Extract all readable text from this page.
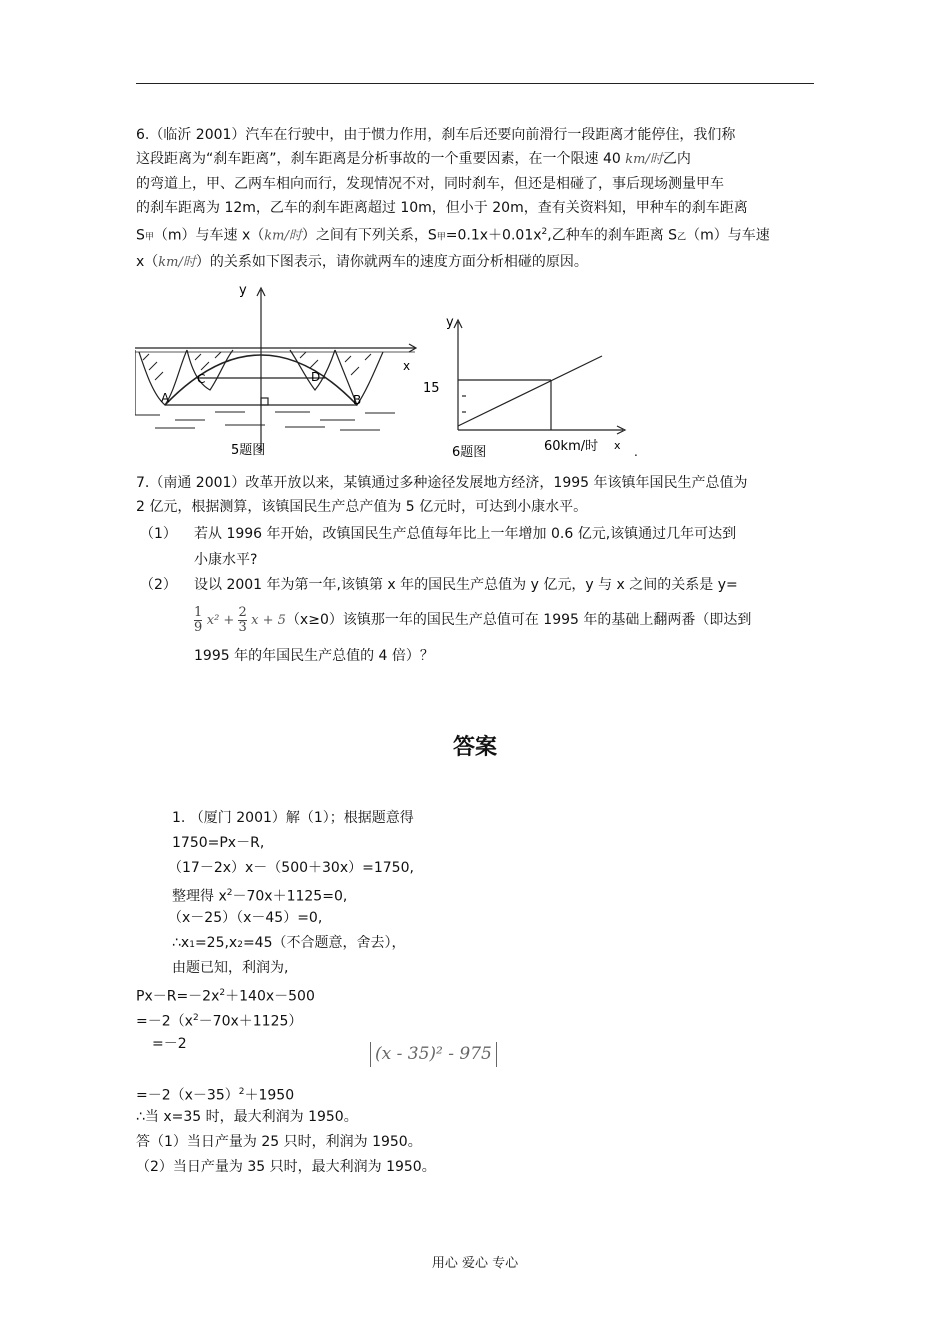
6.（临沂 2001）汽车在行驶中，由于惯力作用，刹车后还要向前滑行一段距离才能停住，我们称
这段距离为“刹车距离”，刹车距离是分析事故的一个重要因素，在一个限速 40 km/时乙内
的弯道上，甲、乙两车相向而行，发现情况不对，同时刹车，但还是相碰了，事后现场测量甲车
的刹车距离为 12m，乙车的刹车距离超过 10m，但小于 20m，查有关资料知，甲种车的刹车距离
S甲（m）与车速 x（km/时）之间有下列关系，S甲$=0.1x+0.01x^2$,乙种车的刹车距离 S乙（m）与车速
x（km/时）的关系如下图表示，请你就两车的速度方面分析相碰的原因。
y
x
A	B
C	D
5题图
y
15
6题图	60km/时 x .
7.（南通 2001）改革开放以来，某镇通过多种途径发展地方经济，1995 年该镇年国民生产总值为
2 亿元，根据测算，该镇国民生产总产值为 5 亿元时，可达到小康水平。
（1） 若从 1996 年开始，改镇国民生产总值每年比上一年增加 0.6 亿元,该镇通过几年可达到
小康水平?
（2） 设以 2001 年为第一年,该镇第 x 年的国民生产总值为 y 亿元，y 与 x 之间的关系是 y=
$\frac{1}{9} x^2 + \frac{2}{3}$ x + 5（x≥0）该镇那一年的国民生产总值可在 1995 年的基础上翻两番（即达到
1995 年的年国民生产总值的 4 倍）？
答案
1. （厦门 2001）解（1）；根据题意得
1750=Px－R,
（17－2x）x－（500＋30x）=1750,
整理得 $x^2-70x+1125=0$,
（x－25）（x－45）=0,
∴x1=25,x2=45（不合题意，舍去），
由题已知，利润为,
$Px-R=-2x^2+140x-500$
$=-2(x^2-70x+1125)$
=－2	(x - 35)² - 975
$=-2(x-35)^2+1950$
∴当 x=35 时，最大利润为 1950。
答（1）当日产量为 25 只时，利润为 1950。
（2）当日产量为 35 只时，最大利润为 1950。
用心 爱心 专心
